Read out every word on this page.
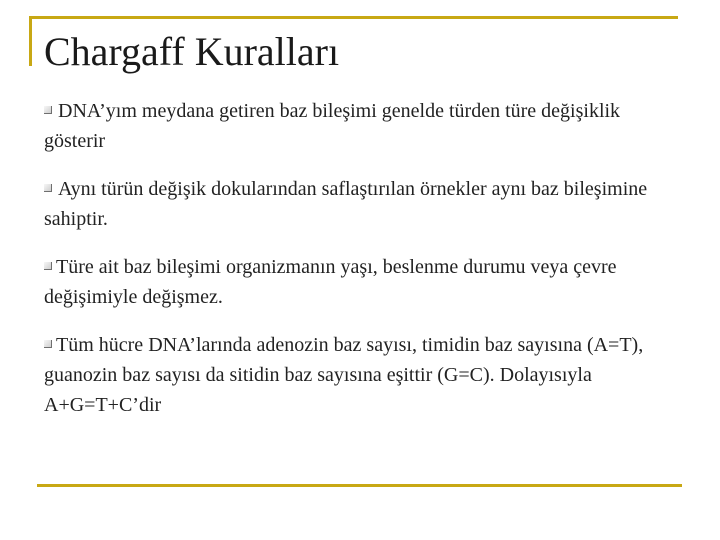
Chargaff Kuralları
DNA’yım meydana getiren baz bileşimi genelde türden türe değişiklik gösterir
Aynı türün değişik dokularından saflaştırılan örnekler aynı baz bileşimine sahiptir.
Türe ait baz bileşimi organizmanın yaşı, beslenme durumu veya çevre değişimiyle değişmez.
Tüm hücre DNA’larında adenozin baz sayısı, timidin baz sayısına (A=T), guanozin baz sayısı da sitidin baz sayısına eşittir (G=C). Dolayısıyla A+G=T+C’dir
